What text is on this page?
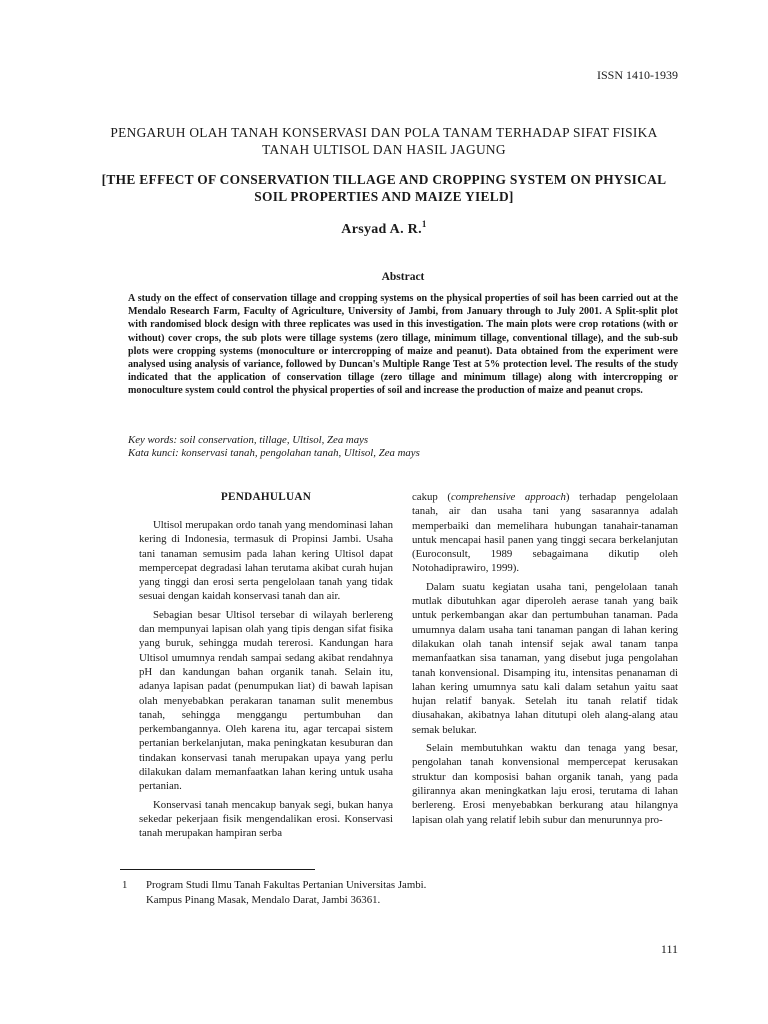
ISSN 1410-1939
PENGARUH OLAH TANAH KONSERVASI DAN POLA TANAM TERHADAP SIFAT FISIKA TANAH ULTISOL DAN HASIL JAGUNG
[THE EFFECT OF CONSERVATION TILLAGE AND CROPPING SYSTEM ON PHYSICAL SOIL PROPERTIES AND MAIZE YIELD]
Arsyad A. R.$^1$
Abstract

A study on the effect of conservation tillage and cropping systems on the physical properties of soil has been carried out at the Mendalo Research Farm, Faculty of Agriculture, University of Jambi, from January through to July 2001. A Split-split plot with randomised block design with three replicates was used in this investigation. The main plots were crop rotations (with or without) cover crops, the sub plots were tillage systems (zero tillage, minimum tillage, conventional tillage), and the sub-sub plots were cropping systems (monoculture or intercropping of maize and peanut). Data obtained from the experiment were analysed using analysis of variance, followed by Duncan's Multiple Range Test at 5% protection level. The results of the study indicated that the application of conservation tillage (zero tillage and minimum tillage) along with intercropping or monoculture system could control the physical properties of soil and increase the production of maize and peanut crops.

Key words: soil conservation, tillage, Ultisol, Zea mays

Kata kunci: konservasi tanah, pengolahan tanah, Ultisol, Zea mays

PENDAHULUAN

Ultisol merupakan ordo tanah yang mendominasi lahan kering di Indonesia, termasuk di Propinsi Jambi. Usaha tani tanaman semusim pada lahan kering Ultisol dapat mempercepat degradasi lahan terutama akibat curah hujan yang tinggi dan erosi serta pengelolaan tanah yang tidak sesuai dengan kaidah konservasi tanah dan air.

Sebagian besar Ultisol tersebar di wilayah berlereng dan mempunyai lapisan olah yang tipis dengan sifat fisika yang buruk, sehingga mudah tererosi. Kandungan hara Ultisol umumnya rendah sampai sedang akibat rendahnya pH dan kandungan bahan organik tanah. Selain itu, adanya lapisan padat (penumpukan liat) di bawah lapisan olah menyebabkan perakaran tanaman sulit menembus tanah, sehingga menggangu pertumbuhan dan perkembangannya. Oleh karena itu, agar tercapai sistem pertanian berkelanjutan, maka peningkatan kesuburan dan tindakan konservasi tanah merupakan upaya yang perlu dilakukan dalam memanfaatkan lahan kering untuk usaha pertanian.

Konservasi tanah mencakup banyak segi, bukan hanya sekedar pekerjaan fisik mengendalikan erosi. Konservasi tanah merupakan hampiran serba

cakup (comprehensive approach) terhadap pengelolaan tanah, air dan usaha tani yang sasarannya adalah memperbaiki dan memelihara hubungan tanahair-tanaman untuk mencapai hasil panen yang tinggi secara berkelanjutan (Euroconsult, 1989 sebagaimana dikutip oleh Notohadiprawiro, 1999).

Dalam suatu kegiatan usaha tani, pengelolaan tanah mutlak dibutuhkan agar diperoleh aerase tanah yang baik untuk perkembangan akar dan pertumbuhan tanaman. Pada umumnya dalam usaha tani tanaman pangan di lahan kering dilakukan olah tanah intensif sejak awal tanam tanpa memanfaatkan sisa tanaman, yang disebut juga pengolahan tanah konvensional. Disamping itu, intensitas penanaman di lahan kering umumnya satu kali dalam setahun yaitu saat hujan relatif banyak. Setelah itu tanah relatif tidak diusahakan, akibatnya lahan ditutupi oleh alang-alang atau semak belukar.

Selain membutuhkan waktu dan tenaga yang besar, pengolahan tanah konvensional mempercepat kerusakan struktur dan komposisi bahan organik tanah, yang pada gilirannya akan meningkatkan laju erosi, terutama di lahan berlereng. Erosi menyebabkan berkurang atau hilangnya lapisan olah yang relatif lebih subur dan menurunnya pro-

1 Program Studi Ilmu Tanah Fakultas Pertanian Universitas Jambi.
Kampus Pinang Masak, Mendalo Darat, Jambi 36361.
111
